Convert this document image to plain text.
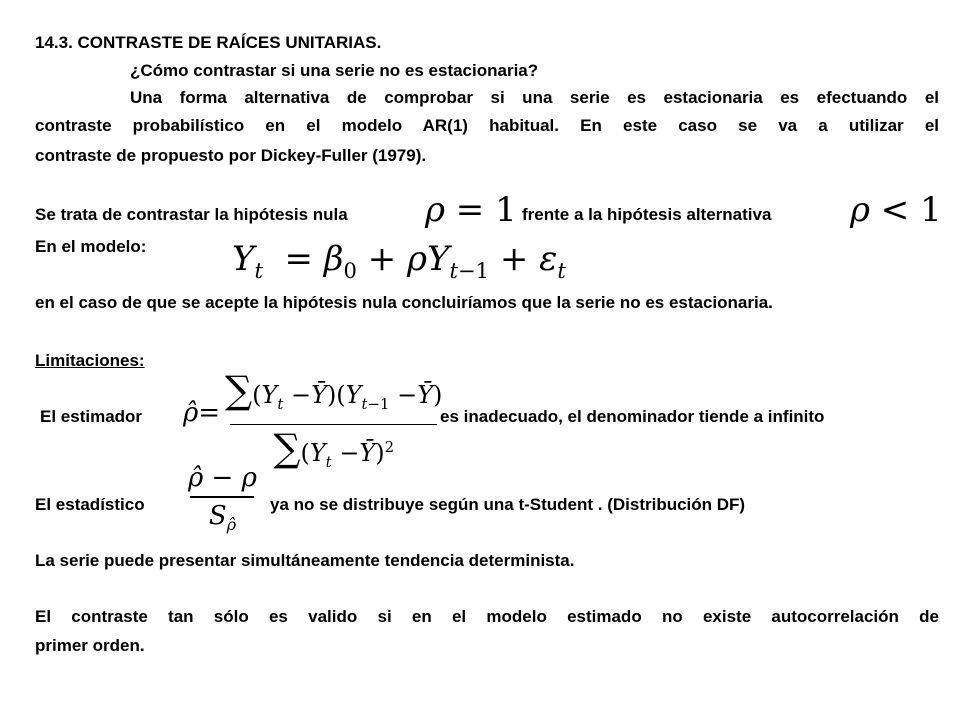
14.3. CONTRASTE DE RAÍCES UNITARIAS.
¿Cómo contrastar si una serie no es estacionaria?
Una forma alternativa de comprobar si una serie es estacionaria es efectuando el
contraste probabilístico en el modelo AR(1) habitual. En este caso se va a utilizar el
contraste de propuesto por Dickey-Fuller (1979).
Se trata de contrastar la hipótesis nula ρ = 1 frente a la hipótesis alternativa ρ < 1
En el modelo:	$Y_t = \beta_0 + \rho Y_{t-1} + \varepsilon_t$
en el caso de que se acepte la hipótesis nula concluiríamos que la serie no es estacionaria.
Limitaciones:
El estimador ρ̂=
$\sum(Y_t$ $-Ȳ)(Y_{t-1}$ −Ȳ)
$\sum(Y_t$ −Ȳ)$^2$
es inadecuado, el denominador tiende a infinito
El estadístico
ρ̂ − ρ
$S_{\rhô}$
ya no se distribuye según una t-Student . (Distribución DF)
La serie puede presentar simultáneamente tendencia determinista.
El contraste tan sólo es valido si en el modelo estimado no existe autocorrelación de
primer orden.
